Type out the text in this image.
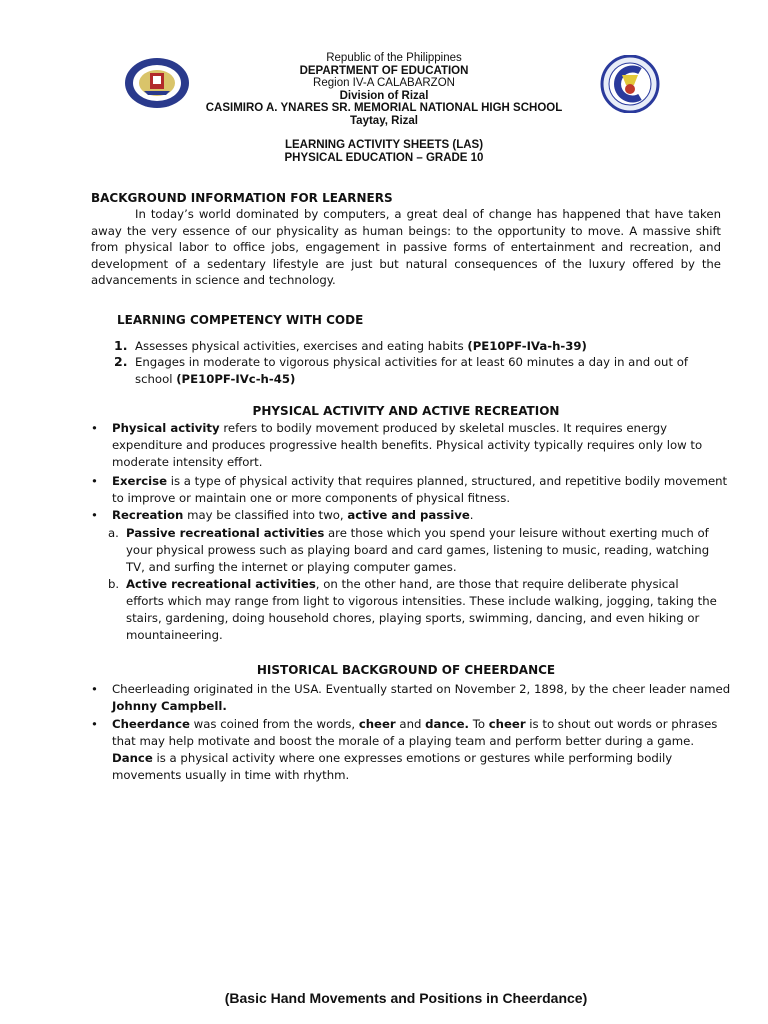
Republic of the Philippines
DEPARTMENT OF EDUCATION
Region IV-A CALABARZON
Division of Rizal
CASIMIRO A. YNARES SR. MEMORIAL NATIONAL HIGH SCHOOL
Taytay, Rizal
LEARNING ACTIVITY SHEETS (LAS)
PHYSICAL EDUCATION – GRADE 10
BACKGROUND INFORMATION FOR LEARNERS
In today’s world dominated by computers, a great deal of change has happened that have taken away the very essence of our physicality as human beings: to the opportunity to move. A massive shift from physical labor to office jobs, engagement in passive forms of entertainment and recreation, and development of a sedentary lifestyle are just but natural consequences of the luxury offered by the advancements in science and technology.
LEARNING COMPETENCY WITH CODE
1. Assesses physical activities, exercises and eating habits (PE10PF-IVa-h-39)
2. Engages in moderate to vigorous physical activities for at least 60 minutes a day in and out of school (PE10PF-IVc-h-45)
PHYSICAL ACTIVITY AND ACTIVE RECREATION
•	Physical activity refers to bodily movement produced by skeletal muscles. It requires energy expenditure and produces progressive health benefits. Physical activity typically requires only low to moderate intensity effort.
•	Exercise is a type of physical activity that requires planned, structured, and repetitive bodily movement to improve or maintain one or more components of physical fitness.
•	Recreation may be classified into two, active and passive.
a. Passive recreational activities are those which you spend your leisure without exerting much of your physical prowess such as playing board and card games, listening to music, reading, watching TV, and surfing the internet or playing computer games.
b. Active recreational activities, on the other hand, are those that require deliberate physical efforts which may range from light to vigorous intensities. These include walking, jogging, taking the stairs, gardening, doing household chores, playing sports, swimming, dancing, and even hiking or mountaineering.
HISTORICAL BACKGROUND OF CHEERDANCE
•	Cheerleading originated in the USA. Eventually started on November 2, 1898, by the cheer leader named Johnny Campbell.
•	Cheerdance was coined from the words, cheer and dance. To cheer is to shout out words or phrases that may help motivate and boost the morale of a playing team and perform better during a game. Dance is a physical activity where one expresses emotions or gestures while performing bodily movements usually in time with rhythm.
(Basic Hand Movements and Positions in Cheerdance)
